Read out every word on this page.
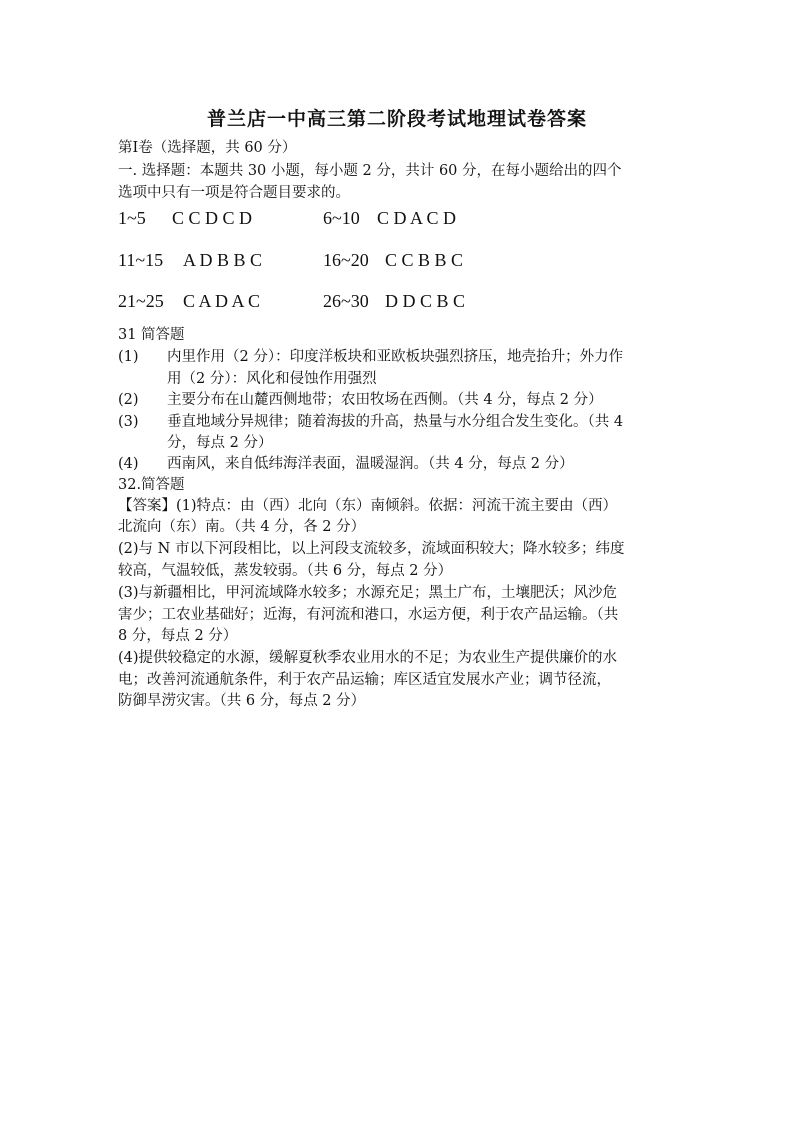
普兰店一中高三第二阶段考试地理试卷答案
第Ⅰ卷（选择题，共 60 分）
一. 选择题：本题共 30 小题，每小题 2 分，共计 60 分，在每小题给出的四个
选项中只有一项是符合题目要求的。
1~5 C C D C D	6~10 C D A C D
11~15 A D B B C	16~20 C C B B C
21~25 C A D A C	26~30 D D C B C
31 简答题
(1) 内里作用（2 分）：印度洋板块和亚欧板块强烈挤压，地壳抬升；外力作
用（2 分）：风化和侵蚀作用强烈
(2) 主要分布在山麓西侧地带；农田牧场在西侧。（共 4 分，每点 2 分）
(3) 垂直地域分异规律；随着海拔的升高，热量与水分组合发生变化。（共 4
分，每点 2 分）
(4) 西南风，来自低纬海洋表面，温暖湿润。（共 4 分，每点 2 分）
32.简答题
【答案】(1)特点：由（西）北向（东）南倾斜。依据：河流干流主要由（西）
北流向（东）南。（共 4 分，各 2 分）
(2)与 N 市以下河段相比，以上河段支流较多，流域面积较大；降水较多；纬度
较高，气温较低，蒸发较弱。（共 6 分，每点 2 分）
(3)与新疆相比，甲河流域降水较多；水源充足；黑土广布，土壤肥沃；风沙危
害少；工农业基础好；近海，有河流和港口，水运方便，利于农产品运输。（共
8 分，每点 2 分）
(4)提供较稳定的水源，缓解夏秋季农业用水的不足；为农业生产提供廉价的水
电；改善河流通航条件，利于农产品运输；库区适宜发展水产业；调节径流，
防御旱涝灾害。（共 6 分，每点 2 分）
